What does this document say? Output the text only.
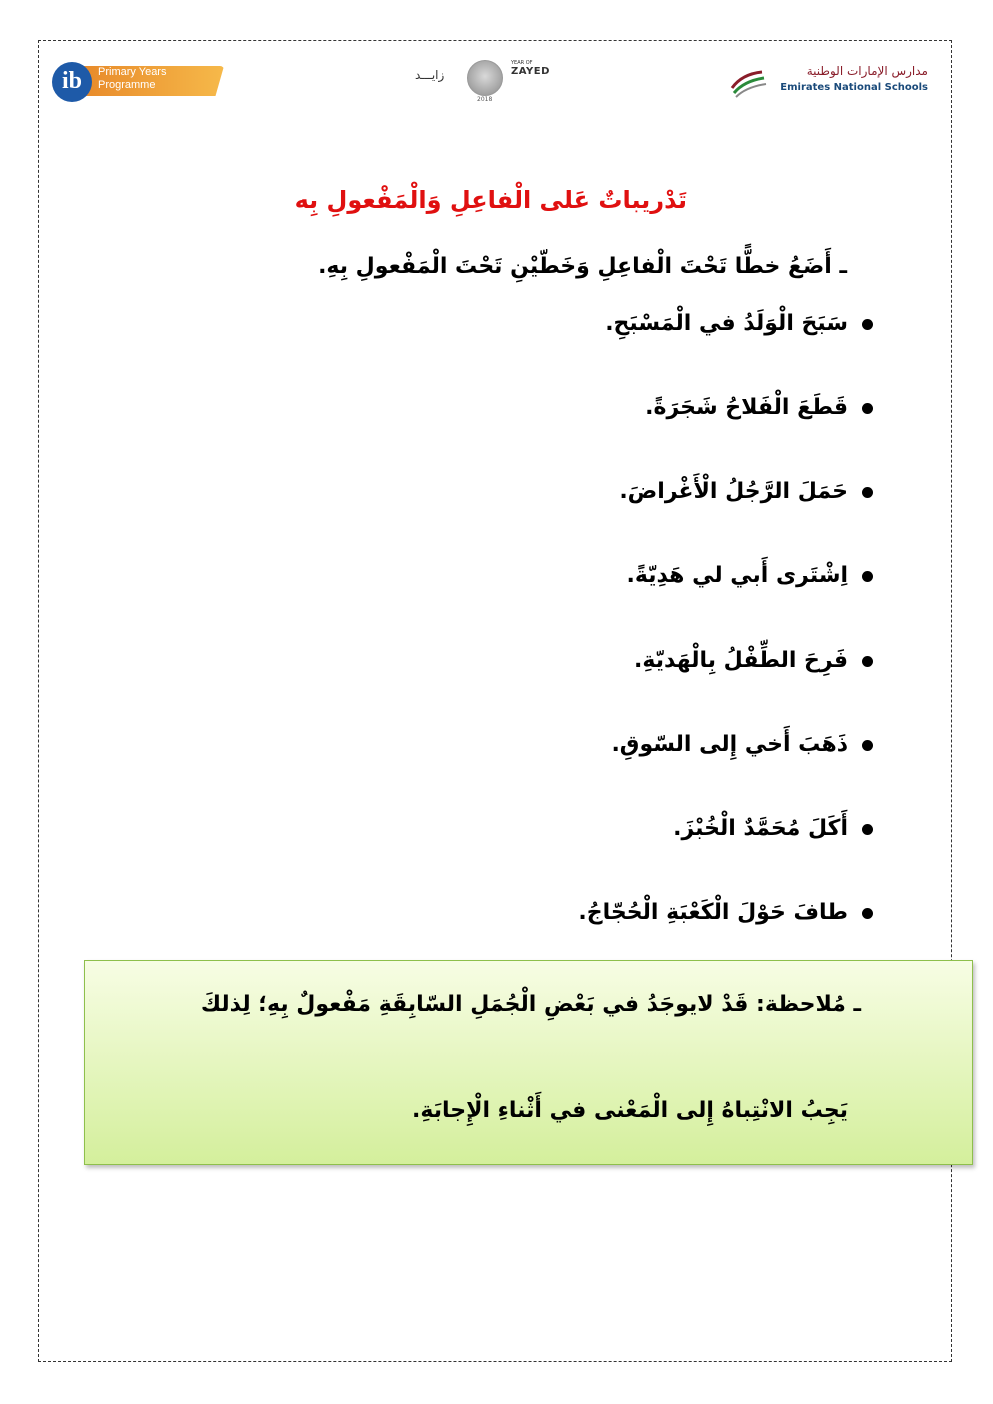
ib	Primary Years
Programme
زايـــد
2018
YEAR OF
ZAYED	مدارس الإمارات الوطنية
Emirates National Schools
تَدْريباتٌ عَلى الْفاعِلِ وَالْمَفْعولِ بِه
ـ أَضَعُ خطًّا تَحْتَ الْفاعِلِ وَخَطّيْنِ تَحْتَ الْمَفْعولِ بِهِ.
سَبَحَ الْوَلَدُ في الْمَسْبَحِ.
قَطَعَ الْفَلاحُ شَجَرَةً.
حَمَلَ الرَّجُلُ الْأَغْراضَ.
اِشْتَرى أَبي لي هَدِيّةً.
فَرِحَ الطِّفْلُ بِالْهَديّةِ.
ذَهَبَ أَخي إِلى السّوقِ.
أَكَلَ مُحَمَّدٌ الْخُبْزَ.
طافَ حَوْلَ الْكَعْبَةِ الْحُجّاجُ.
ـ مُلاحظة: قَدْ لايوجَدُ في بَعْضِ الْجُمَلِ السّابِقَةِ مَفْعولٌ بِهِ؛ لِذلكَ
يَجِبُ الانْتِباهُ إِلى الْمَعْنى في أَثْناءِ الْإِجابَةِ.
